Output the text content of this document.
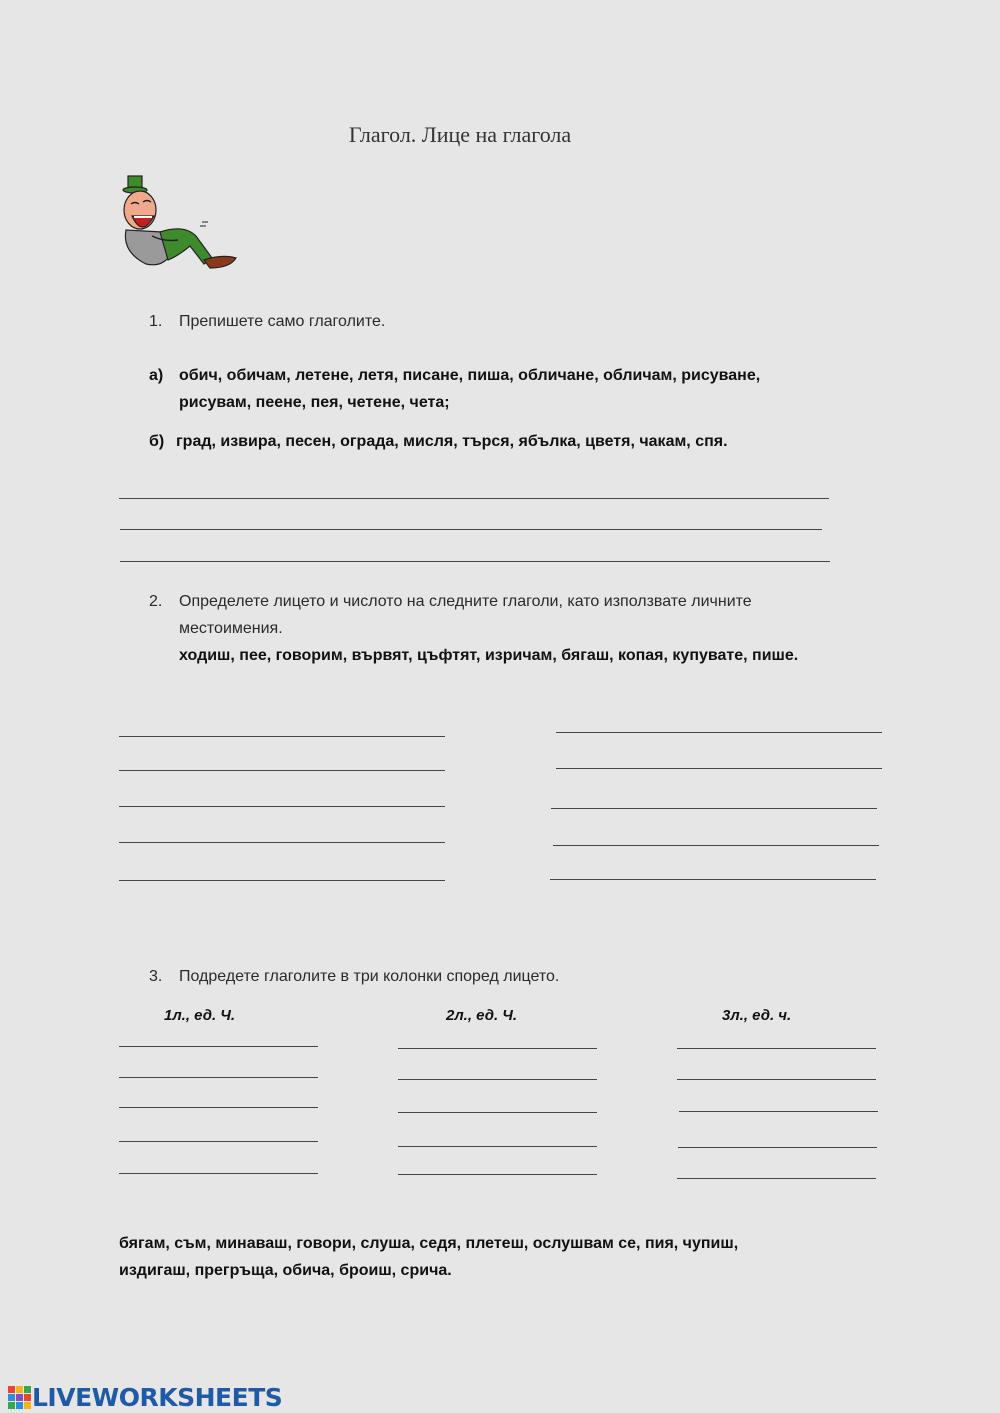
Глагол. Лице на глагола
1. Препишете само глаголите.
а) обич, обичам, летене, летя, писане, пиша, обличане, обличам, рисуване,
рисувам, пеене, пея, четене, чета;
б) град, извира, песен, ограда, мисля, търся, ябълка, цветя, чакам, спя.
2. Определете лицето и числото на следните глаголи, като използвате личните
местоимения.
ходиш, пее, говорим, вървят, цъфтят, изричам, бягаш, копая, купувате, пише.
3. Подредете глаголите в три колонки според лицето.
1л., ед. Ч.	2л., ед. Ч.	3л., ед. ч.
бягам, съм, минаваш, говори, слуша, седя, плетеш, ослушвам се, пия, чупиш,
издигаш, прегръща, обича, броиш, срича.
LIVEWORKSHEETS
